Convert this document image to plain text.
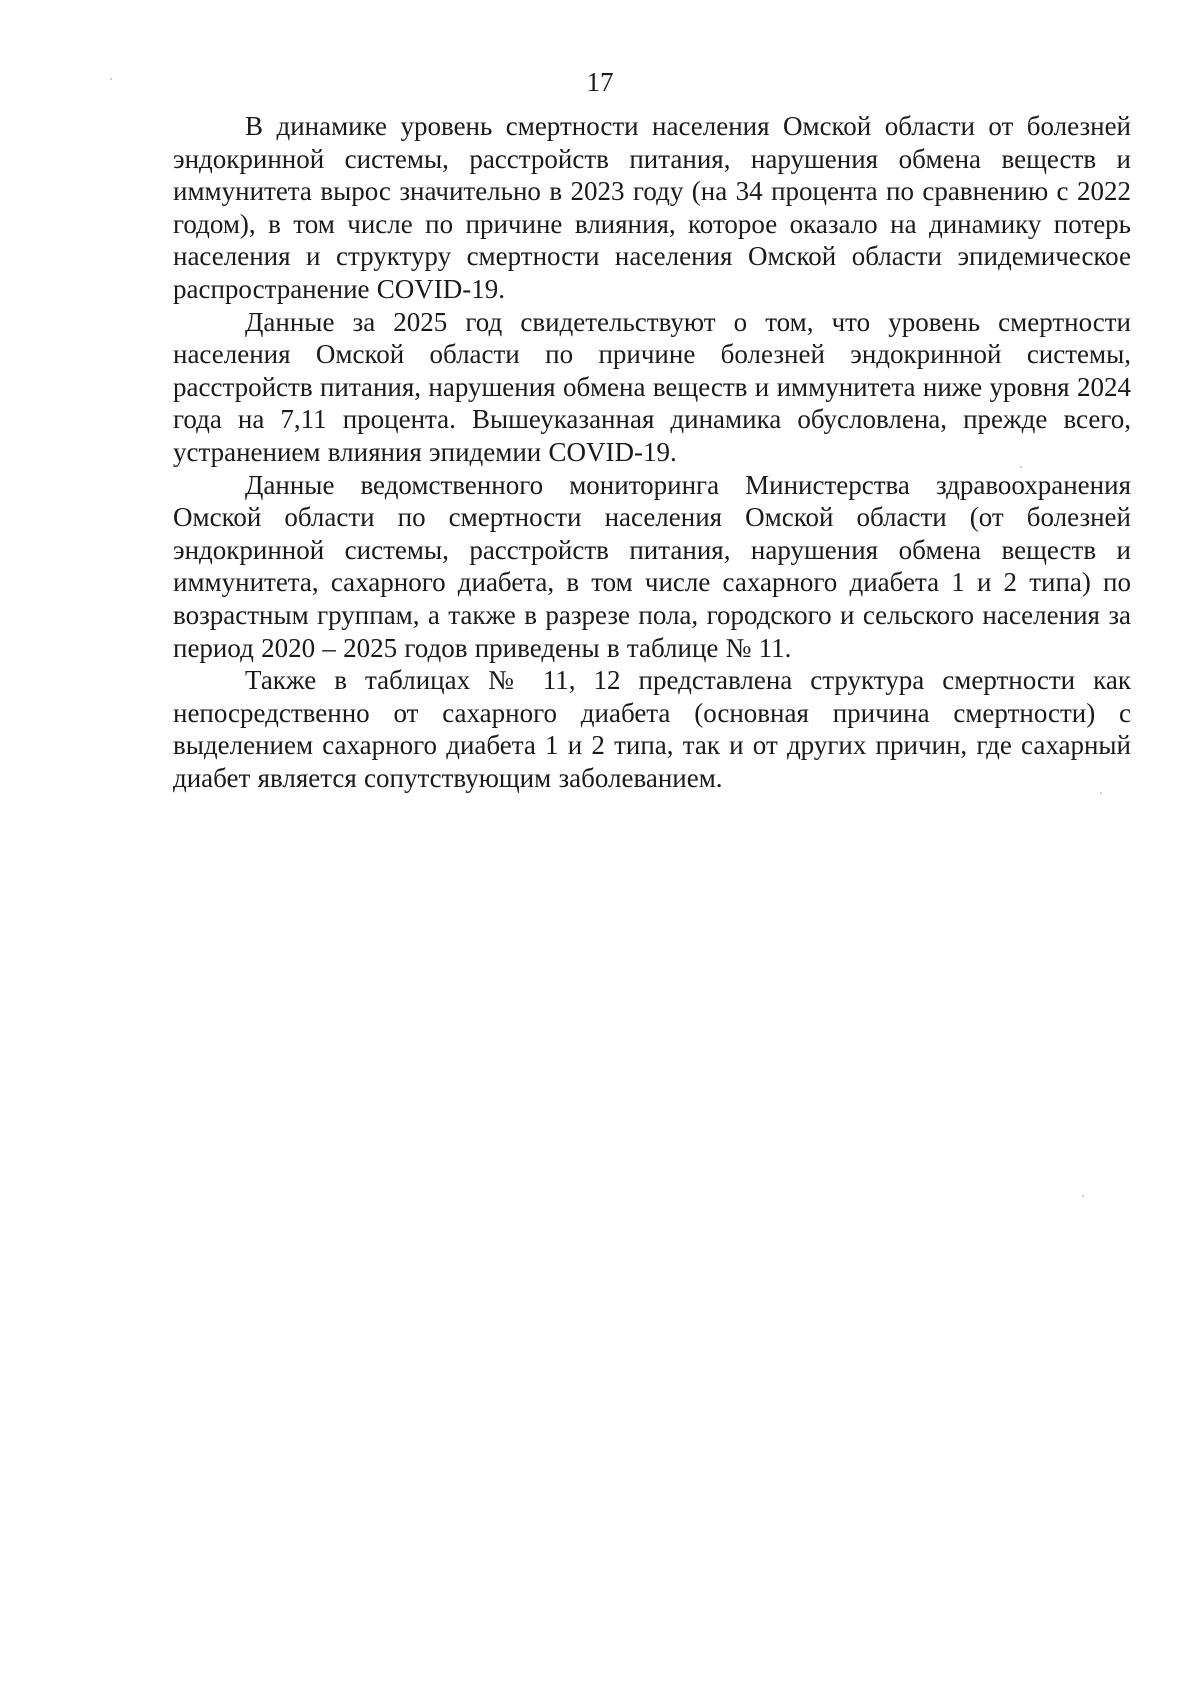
17

В динамике уровень смертности населения Омской области от болезней эндокринной системы, расстройств питания, нарушения обмена веществ и иммунитета вырос значительно в 2023 году (на 34 процента по сравнению с 2022 годом), в том числе по причине влияния, которое оказало на динамику потерь населения и структуру смертности населения Омской области эпидемическое распространение COVID-19.

Данные за 2025 год свидетельствуют о том, что уровень смертности населения Омской области по причине болезней эндокринной системы, расстройств питания, нарушения обмена веществ и иммунитета ниже уровня 2024 года на 7,11 процента. Вышеуказанная динамика обусловлена, прежде всего, устранением влияния эпидемии COVID-19.

Данные ведомственного мониторинга Министерства здравоохранения Омской области по смертности населения Омской области (от болезней эндокринной системы, расстройств питания, нарушения обмена веществ и иммунитета, сахарного диабета, в том числе сахарного диабета 1 и 2 типа) по возрастным группам, а также в разрезе пола, городского и сельского населения за период 2020 – 2025 годов приведены в таблице № 11.

Также в таблицах № 11, 12 представлена структура смертности как непосредственно от сахарного диабета (основная причина смертности) с выделением сахарного диабета 1 и 2 типа, так и от других причин, где сахарный диабет является сопутствующим заболеванием.
